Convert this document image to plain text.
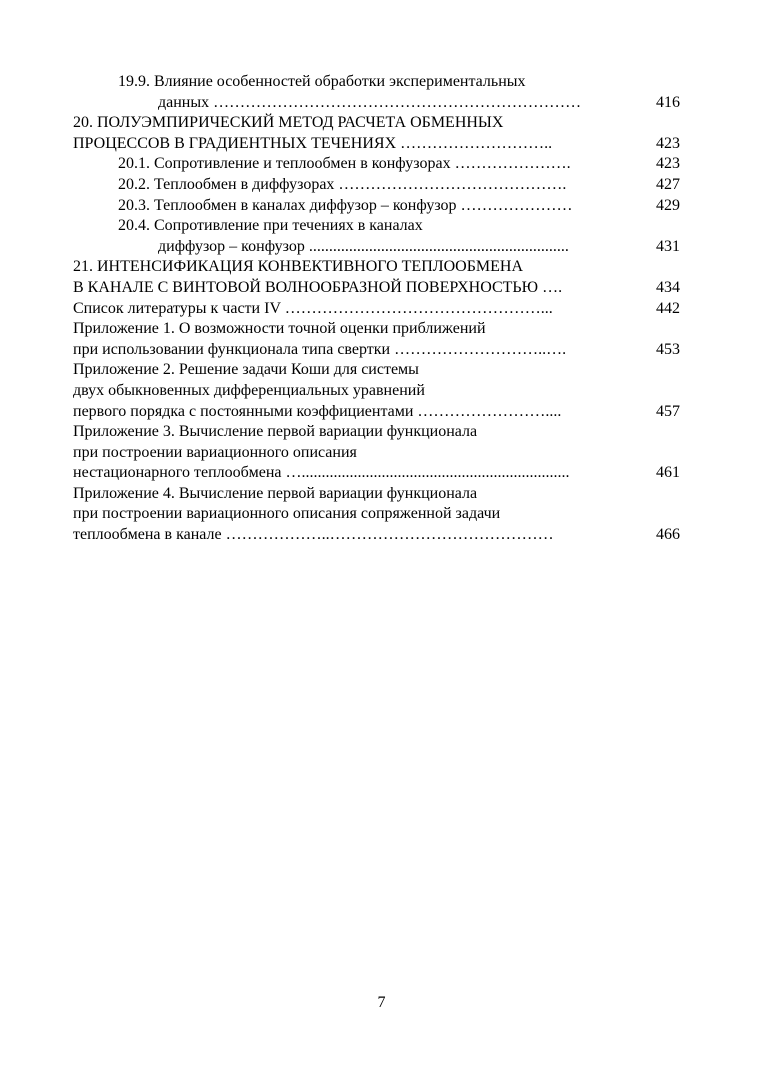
19.9. Влияние особенностей обработки экспериментальных
данных ……………………………………………………………	416
20. ПОЛУЭМПИРИЧЕСКИЙ МЕТОД РАСЧЕТА ОБМЕННЫХ
ПРОЦЕССОВ В ГРАДИЕНТНЫХ ТЕЧЕНИЯХ ………………………..	423
20.1. Сопротивление и теплообмен в конфузорах ………………….	423
20.2. Теплообмен в диффузорах …………………………………….	427
20.3. Теплообмен в каналах диффузор – конфузор …………………	429
20.4. Сопротивление при течениях в каналах
диффузор – конфузор .................................................................	431
21. ИНТЕНСИФИКАЦИЯ КОНВЕКТИВНОГО ТЕПЛООБМЕНА
В КАНАЛЕ С ВИНТОВОЙ ВОЛНООБРАЗНОЙ ПОВЕРХНОСТЬЮ ….	434
Список литературы к части IV …………………………………………...	442
Приложение 1. О возможности точной оценки приближений
при использовании функционала типа свертки ………………………..….	453
Приложение 2. Решение задачи Коши для системы
двух обыкновенных дифференциальных уравнений
первого порядка с постоянными коэффициентами ……………………....	457
Приложение 3. Вычисление первой вариации функционала
при построении вариационного описания
нестационарного теплообмена …...................................................................	461
Приложение 4. Вычисление первой вариации функционала
при построении вариационного описания сопряженной задачи
теплообмена в канале ………………..……………………………………	466
7
